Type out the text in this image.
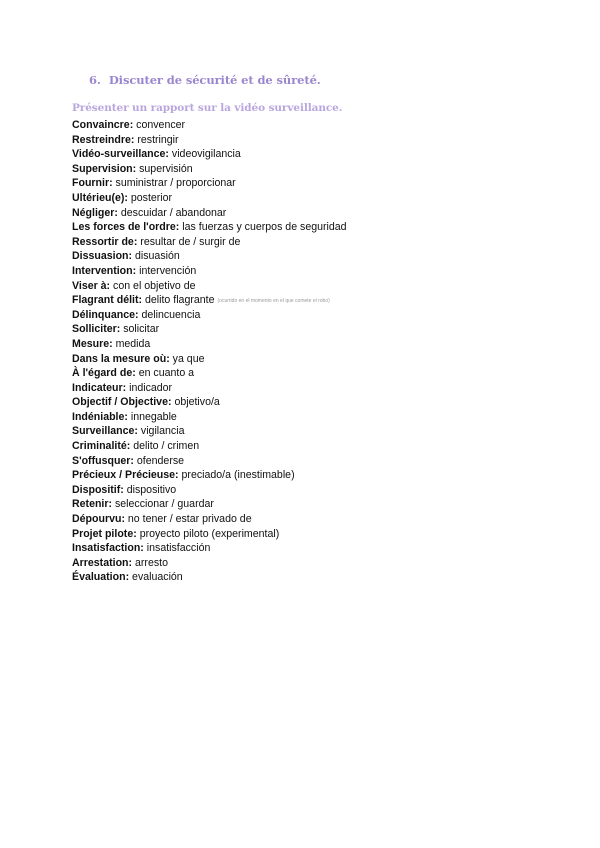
6. Discuter de sécurité et de sûreté.
Présenter un rapport sur la vidéo surveillance.
Convaincre: convencer
Restreindre: restringir
Vidéo-surveillance: videovigilancia
Supervision: supervisión
Fournir: suministrar / proporcionar
Ultérieu(e): posterior
Négliger: descuidar / abandonar
Les forces de l'ordre: las fuerzas y cuerpos de seguridad
Ressortir de: resultar de / surgir de
Dissuasion: disuasión
Intervention: intervención
Viser à: con el objetivo de
Flagrant délit: delito flagrante (ocurrido en el momento en el que comete el robo)
Délinquance: delincuencia
Solliciter: solicitar
Mesure: medida
Dans la mesure où: ya que
À l'égard de: en cuanto a
Indicateur: indicador
Objectif / Objective: objetivo/a
Indéniable: innegable
Surveillance: vigilancia
Criminalité: delito / crimen
S'offusquer: ofenderse
Précieux / Précieuse: preciado/a (inestimable)
Dispositif: dispositivo
Retenir: seleccionar / guardar
Dépourvu: no tener / estar privado de
Projet pilote: proyecto piloto (experimental)
Insatisfaction: insatisfacción
Arrestation: arresto
Évaluation: evaluación
